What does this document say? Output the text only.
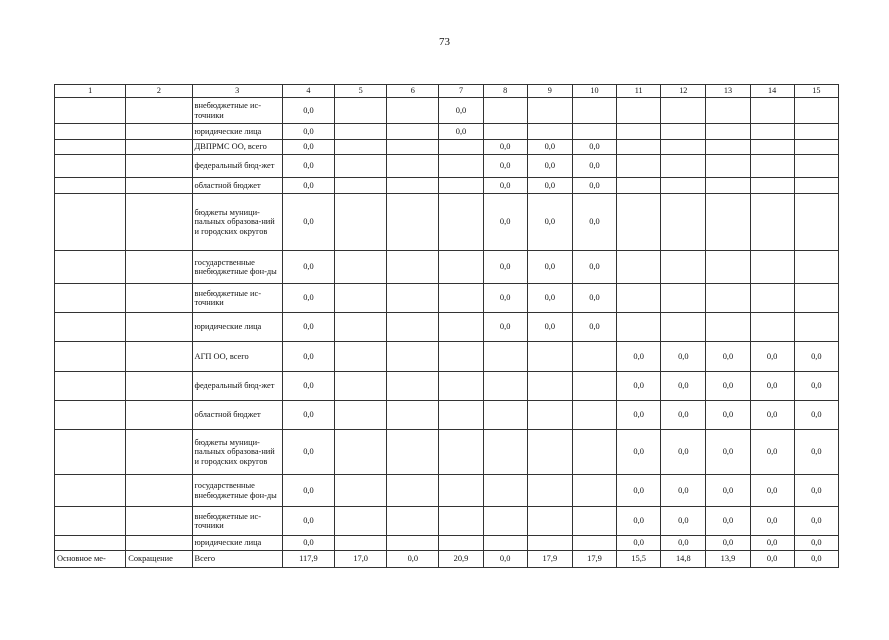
73
1	2	3	4	5	6	7	8	9	10	11	12	13	14	15
		внебюджетные ис-точники	0,0			0,0								
		юридические лица	0,0			0,0								
		ДВПРМС ОО, всего	0,0				0,0	0,0	0,0					
		федеральный бюд-жет	0,0				0,0	0,0	0,0					
		областной бюджет	0,0				0,0	0,0	0,0					
		бюджеты муници-пальных образова-ний и городских округов	0,0				0,0	0,0	0,0					
		государственные внебюджетные фон-ды	0,0				0,0	0,0	0,0					
		внебюджетные ис-точники	0,0				0,0	0,0	0,0					
		юридические лица	0,0				0,0	0,0	0,0					
		АГП ОО, всего	0,0							0,0	0,0	0,0	0,0	0,0
		федеральный бюд-жет	0,0							0,0	0,0	0,0	0,0	0,0
		областной бюджет	0,0							0,0	0,0	0,0	0,0	0,0
		бюджеты муници-пальных образова-ний и городских округов	0,0							0,0	0,0	0,0	0,0	0,0
		государственные внебюджетные фон-ды	0,0							0,0	0,0	0,0	0,0	0,0
		внебюджетные ис-точники	0,0							0,0	0,0	0,0	0,0	0,0
		юридические лица	0,0							0,0	0,0	0,0	0,0	0,0
Основное ме-	Сокращение	Всего	117,9	17,0	0,0	20,9	0,0	17,9	17,9	15,5	14,8	13,9	0,0	0,0
